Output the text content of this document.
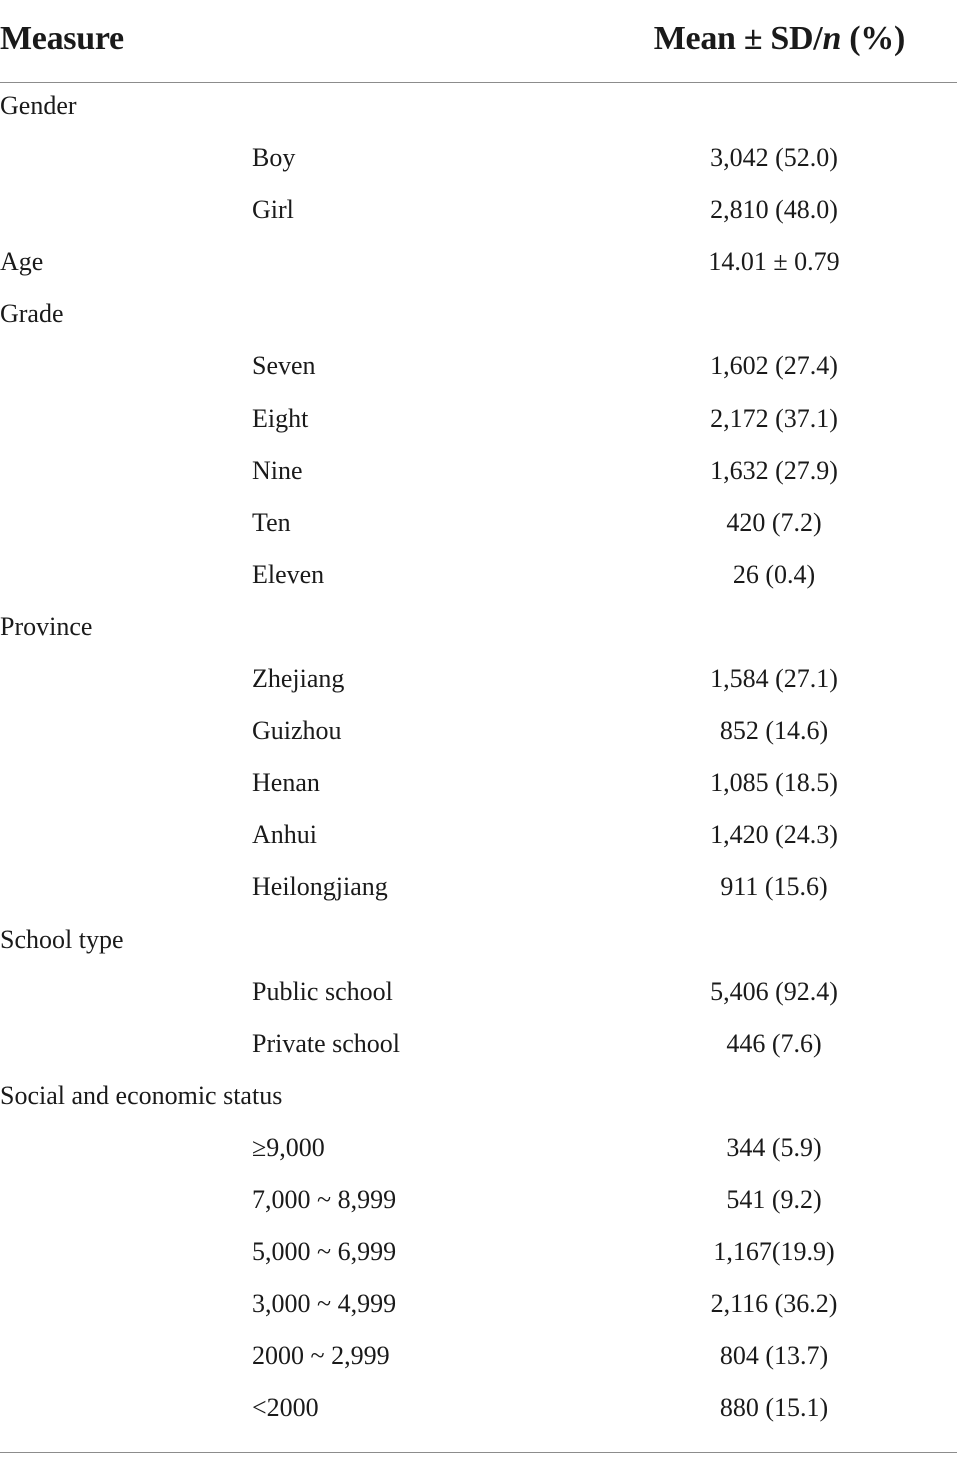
Measure	Mean ± SD/n (%)
Gender
Boy	3,042 (52.0)
Girl	2,810 (48.0)
Age	14.01 ± 0.79
Grade
Seven	1,602 (27.4)
Eight	2,172 (37.1)
Nine	1,632 (27.9)
Ten	420 (7.2)
Eleven	26 (0.4)
Province
Zhejiang	1,584 (27.1)
Guizhou	852 (14.6)
Henan	1,085 (18.5)
Anhui	1,420 (24.3)
Heilongjiang	911 (15.6)
School type
Public school	5,406 (92.4)
Private school	446 (7.6)
Social and economic status
≥9,000	344 (5.9)
7,000 ~ 8,999	541 (9.2)
5,000 ~ 6,999	1,167(19.9)
3,000 ~ 4,999	2,116 (36.2)
2000 ~ 2,999	804 (13.7)
<2000	880 (15.1)
